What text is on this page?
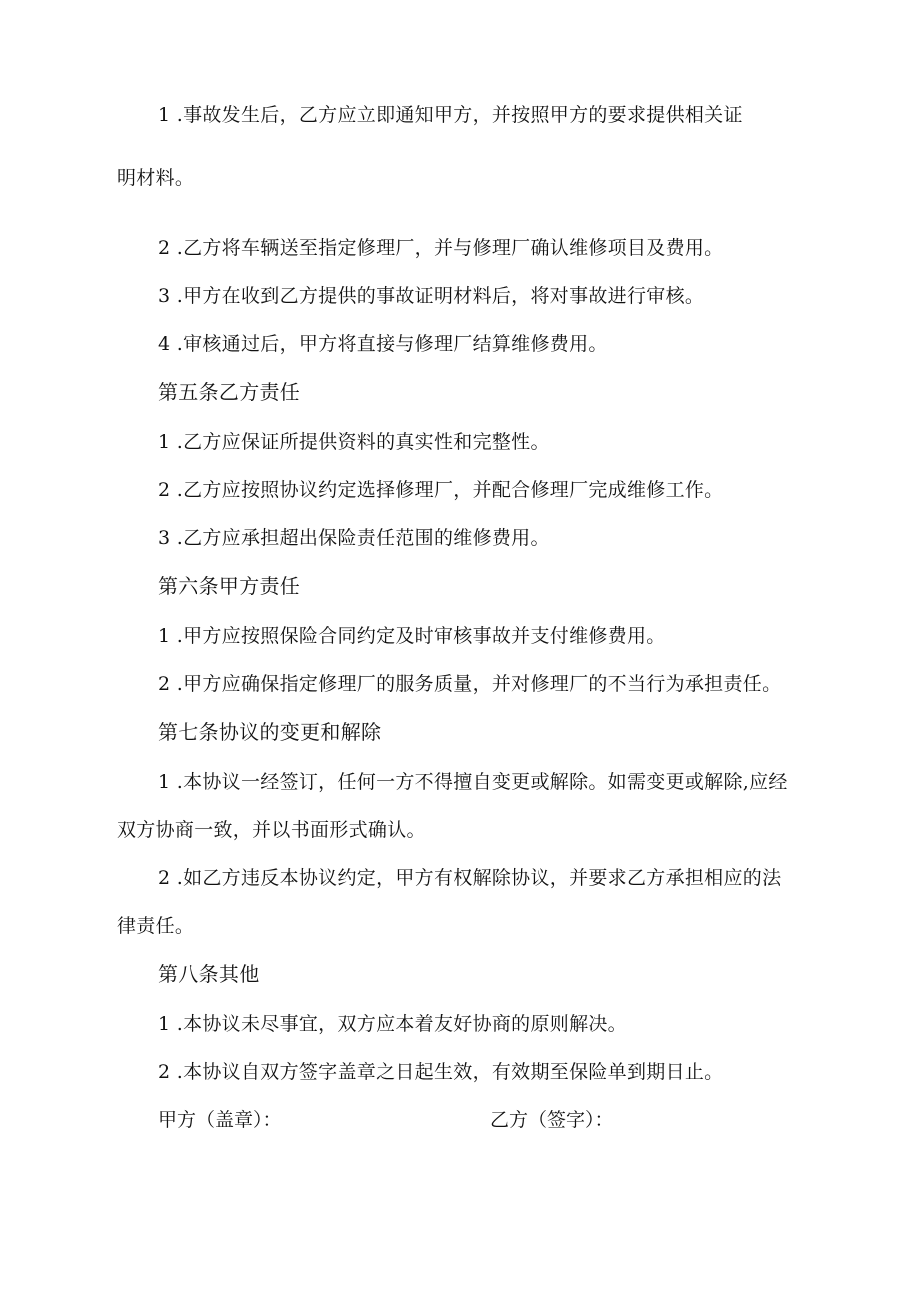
1 .事故发生后，乙方应立即通知甲方，并按照甲方的要求提供相关证
明材料。
2 .乙方将车辆送至指定修理厂，并与修理厂确认维修项目及费用。
3 .甲方在收到乙方提供的事故证明材料后，将对事故进行审核。
4 .审核通过后，甲方将直接与修理厂结算维修费用。
第五条乙方责任
1 .乙方应保证所提供资料的真实性和完整性。
2 .乙方应按照协议约定选择修理厂，并配合修理厂完成维修工作。
3 .乙方应承担超出保险责任范围的维修费用。
第六条甲方责任
1 .甲方应按照保险合同约定及时审核事故并支付维修费用。
2 .甲方应确保指定修理厂的服务质量，并对修理厂的不当行为承担责任。
第七条协议的变更和解除
1 .本协议一经签订，任何一方不得擅自变更或解除。如需变更或解除,应经
双方协商一致，并以书面形式确认。
2 .如乙方违反本协议约定，甲方有权解除协议，并要求乙方承担相应的法
律责任。
第八条其他
1 .本协议未尽事宜，双方应本着友好协商的原则解决。
2 .本协议自双方签字盖章之日起生效，有效期至保险单到期日止。
甲方（盖章）：	乙方（签字）：
